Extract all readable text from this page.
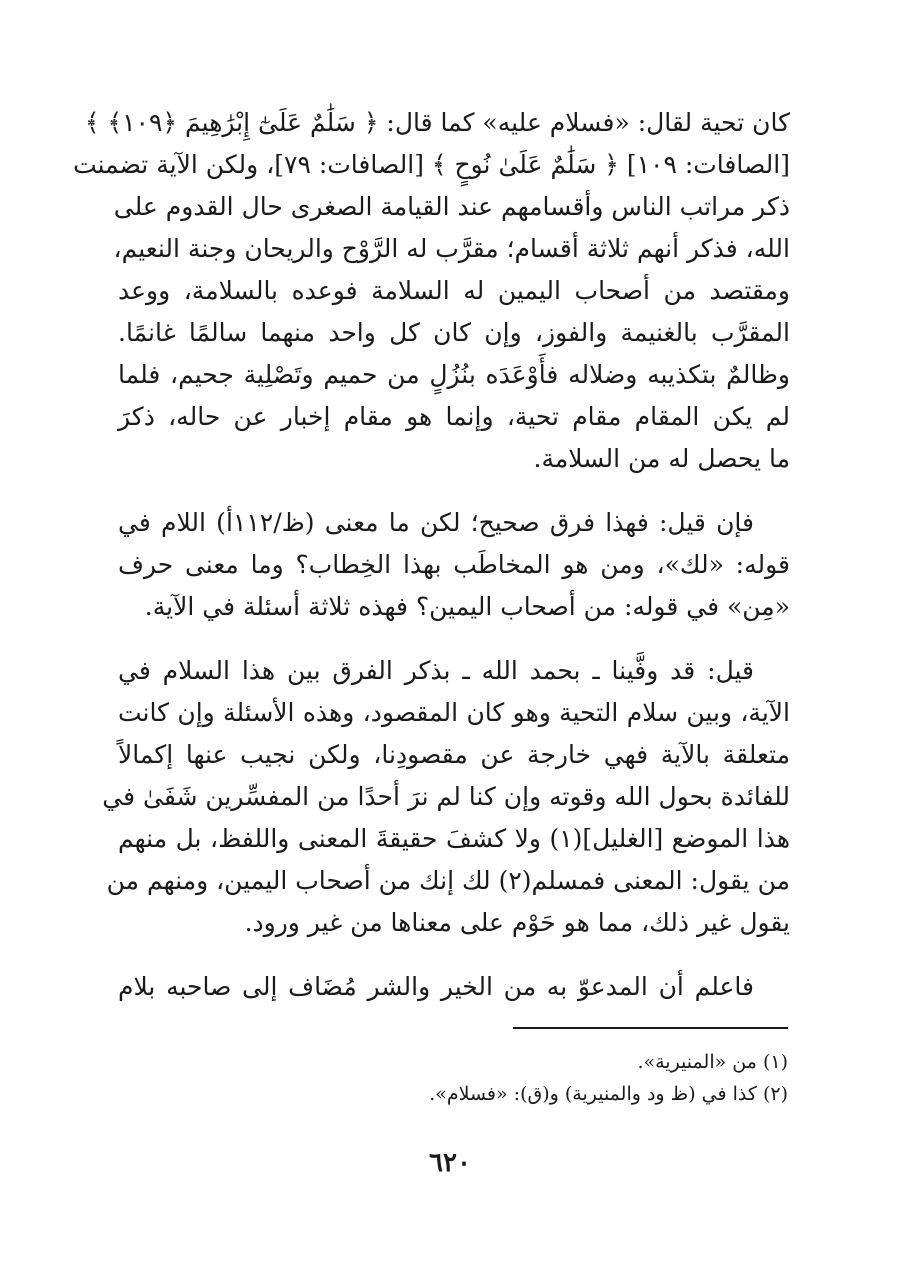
كان تحية لقال: «فسلام عليه» كما قال: ﴿ سَلَٰمٌ عَلَىٰٓ إِبْرَٰهِيمَ ﴿١٠٩﴾ ﴾
[الصافات: ١٠٩] ﴿ سَلَٰمٌ عَلَىٰ نُوحٍ ﴾ [الصافات: ٧٩]، ولكن الآية تضمنت
ذكر مراتب الناس وأقسامهم عند القيامة الصغرى حال القدوم على
الله، فذكر أنهم ثلاثة أقسام؛ مقرَّب له الرَّوْح والريحان وجنة النعيم،
ومقتصد من أصحاب اليمين له السلامة فوعده بالسلامة، ووعد
المقرَّب بالغنيمة والفوز، وإن كان كل واحد منهما سالمًا غانمًا.
وظالمٌ بتكذيبه وضلاله فأَوْعَدَه بنُزُلٍ من حميم وتَصْلِية جحيم، فلما
لم يكن المقام مقام تحية، وإنما هو مقام إخبار عن حاله، ذكرَ
ما يحصل له من السلامة.
فإن قيل: فهذا فرق صحيح؛ لكن ما معنى (ظ/١١٢أ) اللام في
قوله: «لك»، ومن هو المخاطَب بهذا الخِطاب؟ وما معنى حرف
«مِن» في قوله: من أصحاب اليمين؟ فهذه ثلاثة أسئلة في الآية.
قيل: قد وفَّينا ـ بحمد الله ـ بذكر الفرق بين هذا السلام في
الآية، وبين سلام التحية وهو كان المقصود، وهذه الأسئلة وإن كانت
متعلقة بالآية فهي خارجة عن مقصودِنا، ولكن نجيب عنها إكمالاً
للفائدة بحول الله وقوته وإن كنا لم نرَ أحدًا من المفسِّرين شَفَىٰ في
هذا الموضع [الغليل](١) ولا كشفَ حقيقةَ المعنى واللفظ، بل منهم
من يقول: المعنى فمسلم(٢) لك إنك من أصحاب اليمين، ومنهم من
يقول غير ذلك، مما هو حَوْم على معناها من غير ورود.
فاعلم أن المدعوّ به من الخير والشر مُضَاف إلى صاحبه بلام
(١) من «المنيرية».
(٢) كذا في (ظ ود والمنيرية) و(ق): «فسلام».
٦٢٠
